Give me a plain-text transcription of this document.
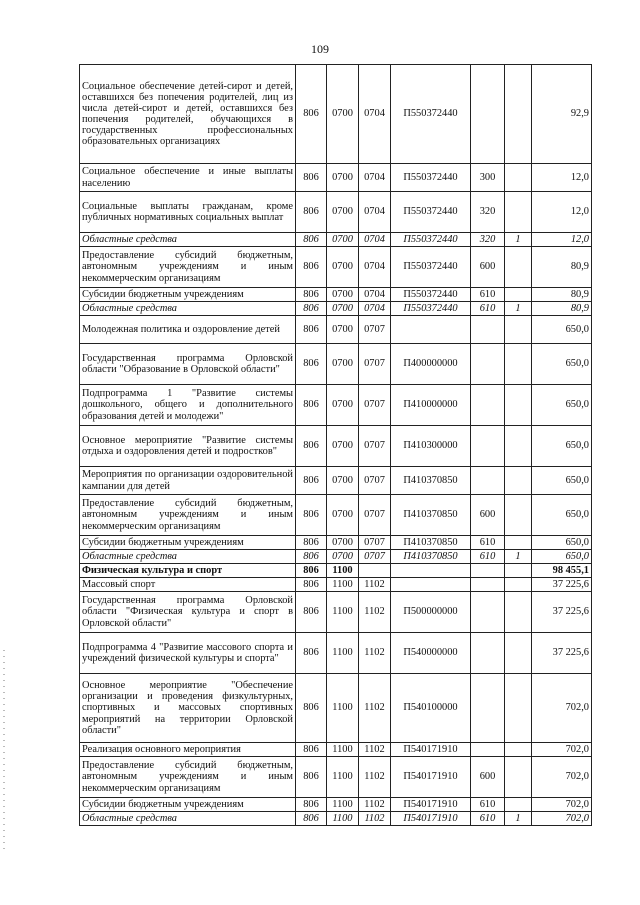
109
Социальное обеспечение детей-сирот и детей, оставшихся без попечения родителей, лиц из числа детей-сирот и детей, оставшихся без попечения родителей, обучающихся в государственных профессиональных образовательных организациях	806	0700	0704	П550372440			92,9
Социальное обеспечение и иные выплаты населению	806	0700	0704	П550372440	300		12,0
Социальные выплаты гражданам, кроме публичных нормативных социальных выплат	806	0700	0704	П550372440	320		12,0
Областные средства	806	0700	0704	П550372440	320	1	12,0
Предоставление субсидий бюджетным, автономным учреждениям и иным некоммерческим организациям	806	0700	0704	П550372440	600		80,9
Субсидии бюджетным учреждениям	806	0700	0704	П550372440	610		80,9
Областные средства	806	0700	0704	П550372440	610	1	80,9
Молодежная политика и оздоровление детей	806	0700	0707				650,0
Государственная программа Орловской области "Образование в Орловской области"	806	0700	0707	П400000000			650,0
Подпрограмма 1 "Развитие системы дошкольного, общего и дополнительного образования детей и молодежи"	806	0700	0707	П410000000			650,0
Основное мероприятие "Развитие системы отдыха и оздоровления детей и подростков"	806	0700	0707	П410300000			650,0
Мероприятия по организации оздоровительной кампании для детей	806	0700	0707	П410370850			650,0
Предоставление субсидий бюджетным, автономным учреждениям и иным некоммерческим организациям	806	0700	0707	П410370850	600		650,0
Субсидии бюджетным учреждениям	806	0700	0707	П410370850	610		650,0
Областные средства	806	0700	0707	П410370850	610	1	650,0
Физическая культура и спорт	806	1100					98 455,1
Массовый спорт	806	1100	1102				37 225,6
Государственная программа Орловской области "Физическая культура и спорт в Орловской области"	806	1100	1102	П500000000			37 225,6
Подпрограмма 4 "Развитие массового спорта и учреждений физической культуры и спорта"	806	1100	1102	П540000000			37 225,6
Основное мероприятие "Обеспечение организации и проведения физкультурных, спортивных и массовых спортивных мероприятий на территории Орловской области"	806	1100	1102	П540100000			702,0
Реализация основного мероприятия	806	1100	1102	П540171910			702,0
Предоставление субсидий бюджетным, автономным учреждениям и иным некоммерческим организациям	806	1100	1102	П540171910	600		702,0
Субсидии бюджетным учреждениям	806	1100	1102	П540171910	610		702,0
Областные средства	806	1100	1102	П540171910	610	1	702,0
